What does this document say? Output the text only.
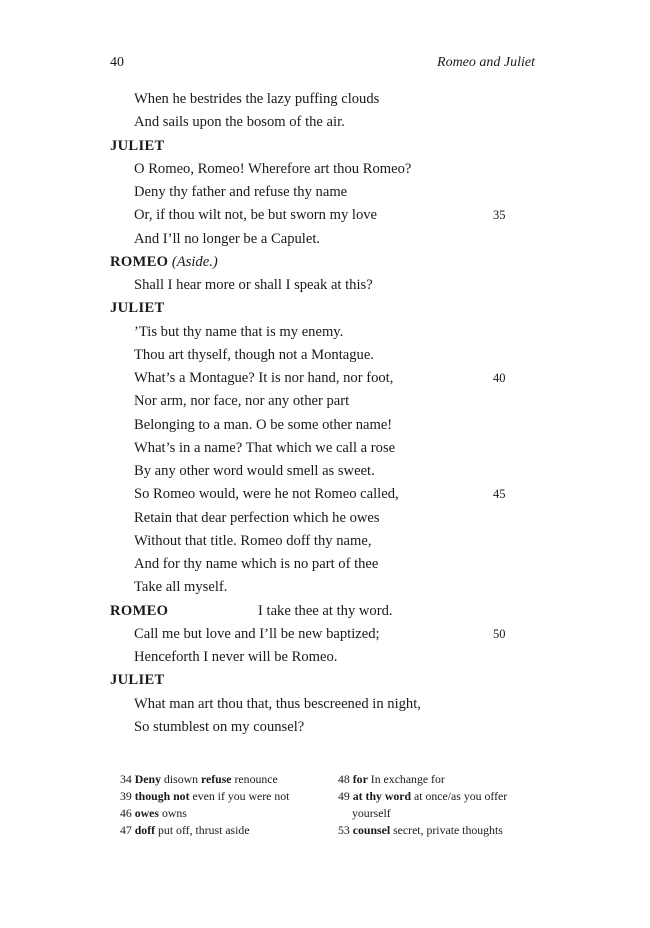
40	Romeo and Juliet
When he bestrides the lazy puffing clouds
And sails upon the bosom of the air.
JULIET
O Romeo, Romeo! Wherefore art thou Romeo?
Deny thy father and refuse thy name
Or, if thou wilt not, be but sworn my love	35
And I’ll no longer be a Capulet.
ROMEO (Aside.)
Shall I hear more or shall I speak at this?
JULIET
’Tis but thy name that is my enemy.
Thou art thyself, though not a Montague.
What’s a Montague? It is nor hand, nor foot,	40
Nor arm, nor face, nor any other part
Belonging to a man. O be some other name!
What’s in a name? That which we call a rose
By any other word would smell as sweet.
So Romeo would, were he not Romeo called,	45
Retain that dear perfection which he owes
Without that title. Romeo doff thy name,
And for thy name which is no part of thee
Take all myself.
ROMEO	I take thee at thy word.
Call me but love and I’ll be new baptized;	50
Henceforth I never will be Romeo.
JULIET
What man art thou that, thus bescreened in night,
So stumblest on my counsel?
34 Deny disown refuse renounce
39 though not even if you were not
46 owes owns
47 doff put off, thrust aside
48 for In exchange for
49 at thy word at once/as you offer
yourself
53 counsel secret, private thoughts
